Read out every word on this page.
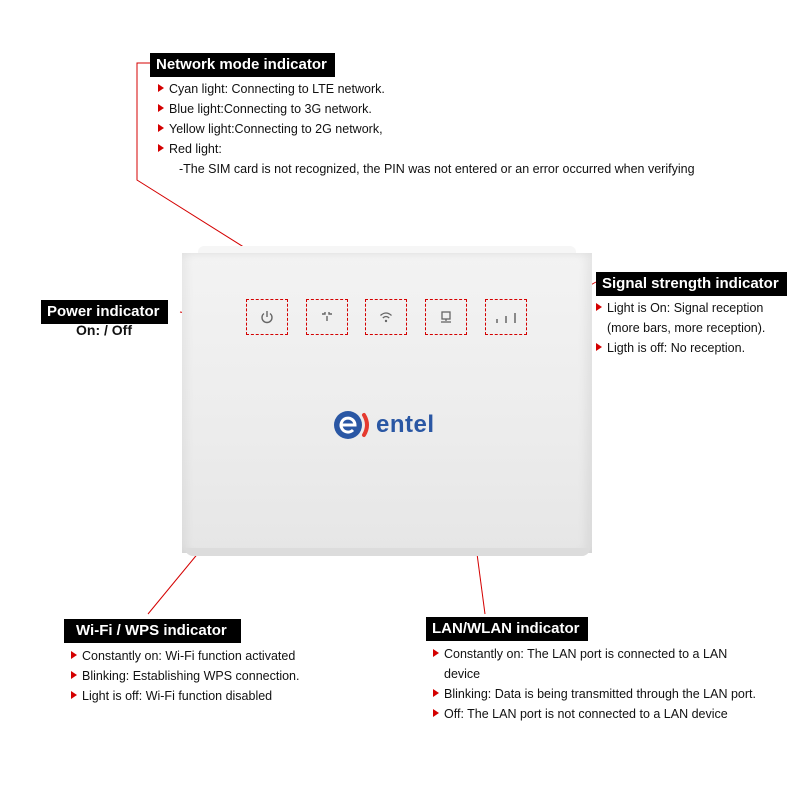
entel
Network mode indicator
Cyan light: Connecting to LTE network.
Blue light:Connecting to 3G network.
Yellow light:Connecting to 2G network,
Red light:
-The SIM card is not recognized, the PIN was not entered or an error occurred when verifying
Power indicator
On: / Off
Signal strength indicator
Light is On: Signal reception
(more bars, more reception).
Ligth is off: No reception.
Wi-Fi / WPS indicator
Constantly on: Wi-Fi function activated
Blinking: Establishing WPS connection.
Light is off: Wi-Fi function disabled
LAN/WLAN indicator
Constantly on: The LAN port is connected to a LAN
device
Blinking: Data is being transmitted through the LAN port.
Off: The LAN port is not connected to a LAN device
